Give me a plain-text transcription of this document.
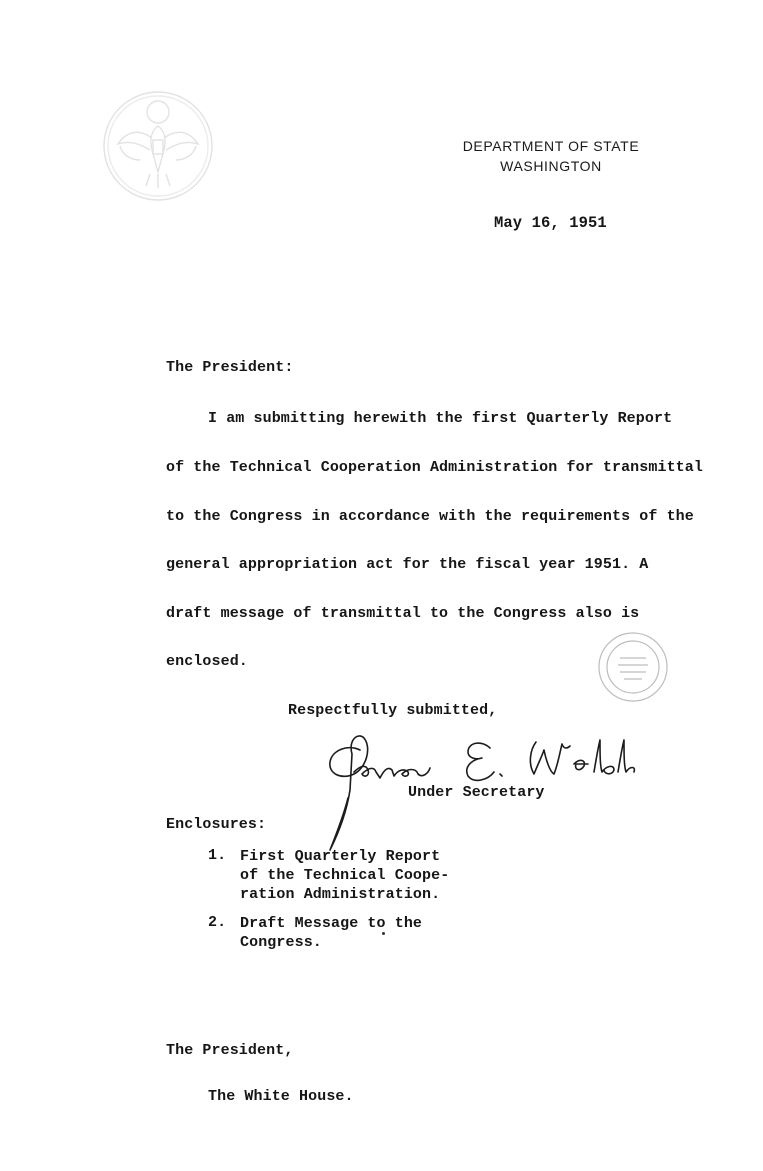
DEPARTMENT OF STATE
WASHINGTON
May 16, 1951
The President:
I am submitting herewith the first Quarterly Report
of the Technical Cooperation Administration for transmittal
to the Congress in accordance with the requirements of the
general appropriation act for the fiscal year 1951. A
draft message of transmittal to the Congress also is
enclosed.
Respectfully submitted,
Under Secretary
Enclosures:
1. First Quarterly Report of the Technical Coope- ration Administration.
2. Draft Message to the Congress.
The President,
The White House.
